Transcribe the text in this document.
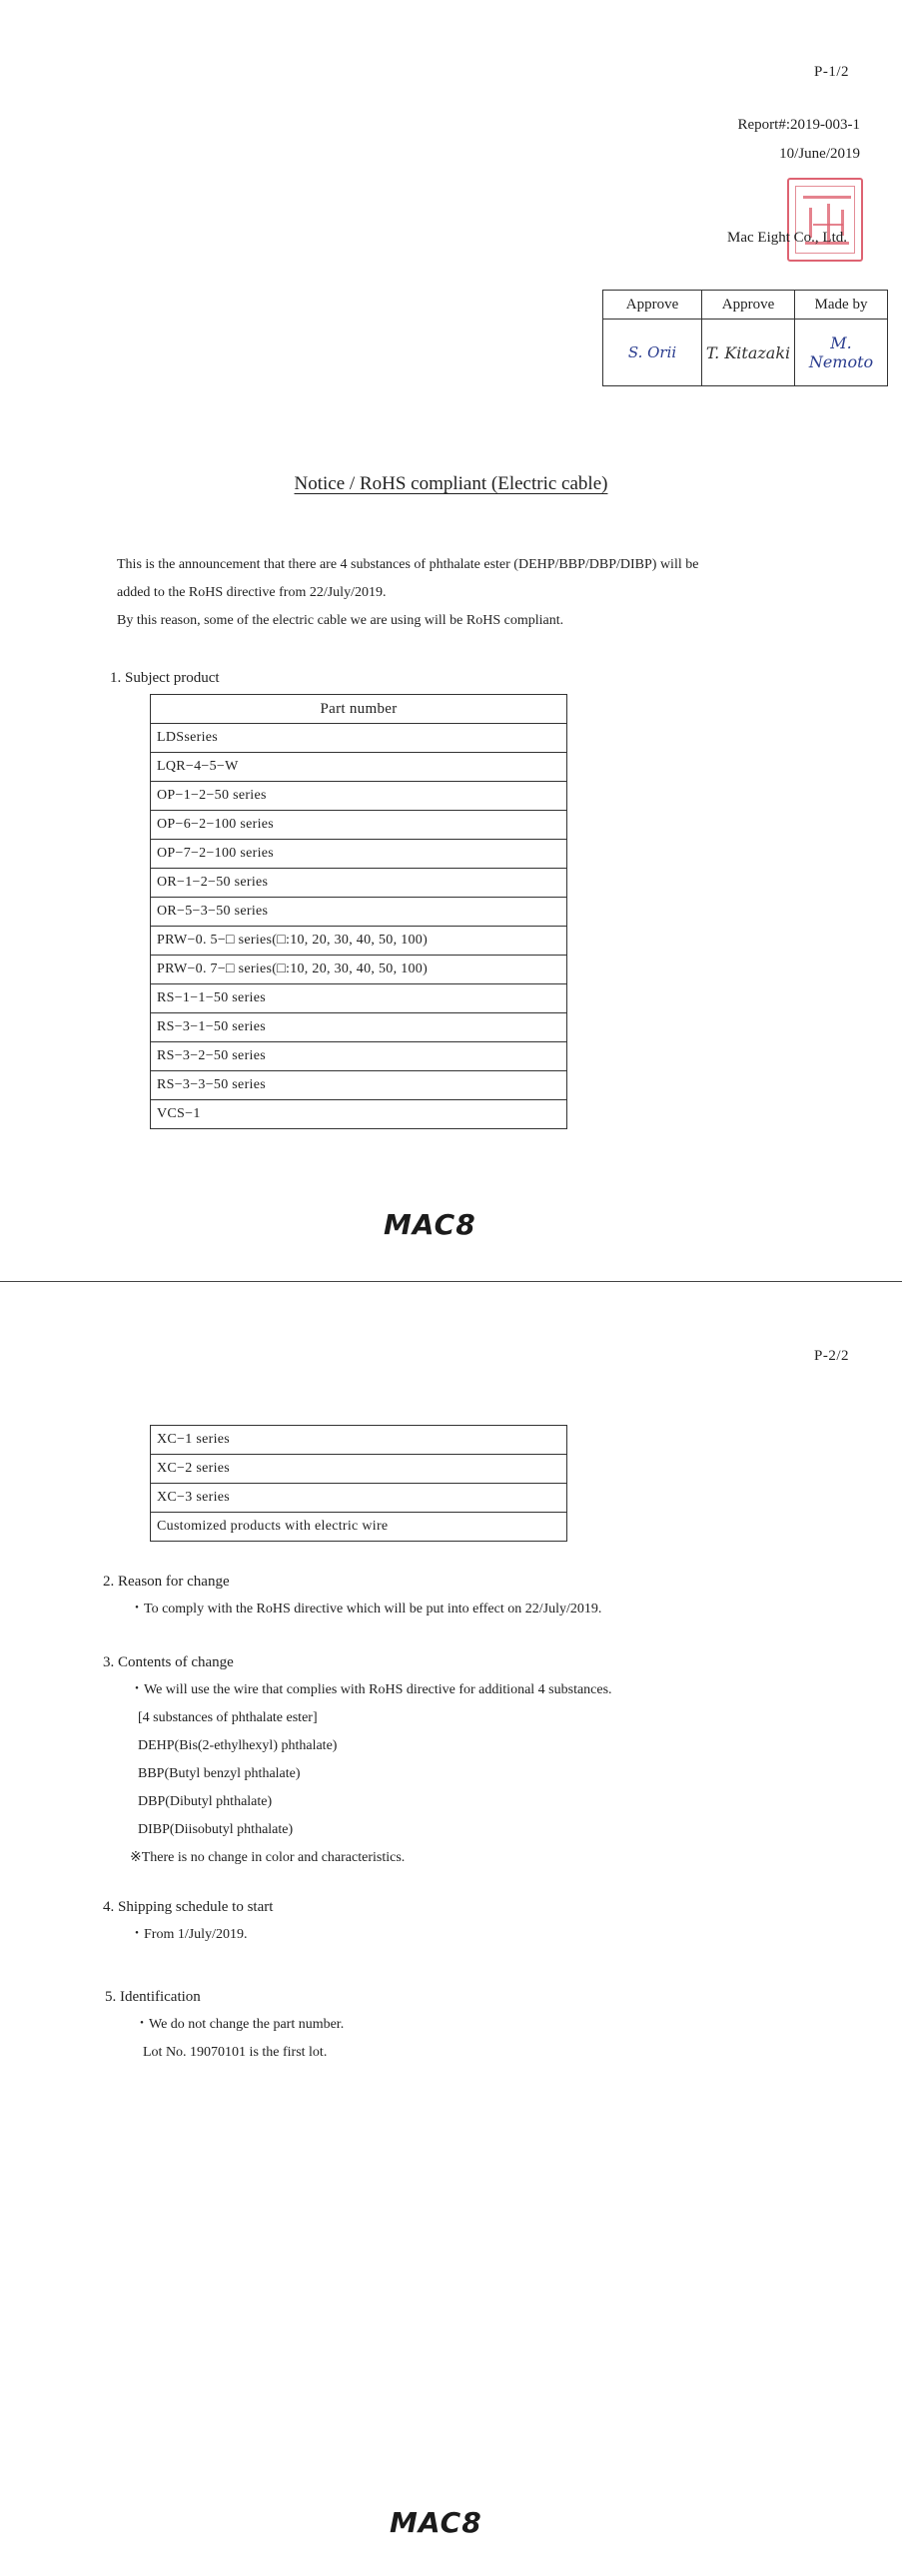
P-1/2
Report#:2019-003-1
10/June/2019
Mac Eight Co., Ltd.
Approve	Approve	Made by
S. Orii	T. Kitazaki	M. Nemoto
Notice / RoHS compliant (Electric cable)
This is the announcement that there are 4 substances of phthalate ester (DEHP/BBP/DBP/DIBP) will be
added to the RoHS directive from 22/July/2019.
By this reason, some of the electric cable we are using will be RoHS compliant.
1. Subject product
Part number
LDSseries
LQR−4−5−W
OP−1−2−50 series
OP−6−2−100 series
OP−7−2−100 series
OR−1−2−50 series
OR−5−3−50 series
PRW−0. 5−□ series(□:10, 20, 30, 40, 50, 100)
PRW−0. 7−□ series(□:10, 20, 30, 40, 50, 100)
RS−1−1−50 series
RS−3−1−50 series
RS−3−2−50 series
RS−3−3−50 series
VCS−1
MAC8
P-2/2
XC−1 series
XC−2 series
XC−3 series
Customized products with electric wire
2. Reason for change
・To comply with the RoHS directive which will be put into effect on 22/July/2019.
3. Contents of change
・We will use the wire that complies with RoHS directive for additional 4 substances.
[4 substances of phthalate ester]
DEHP(Bis(2-ethylhexyl) phthalate)
BBP(Butyl benzyl phthalate)
DBP(Dibutyl phthalate)
DIBP(Diisobutyl phthalate)
※There is no change in color and characteristics.
4. Shipping schedule to start
・From 1/July/2019.
5. Identification
・We do not change the part number.
Lot No. 19070101 is the first lot.
MAC8
